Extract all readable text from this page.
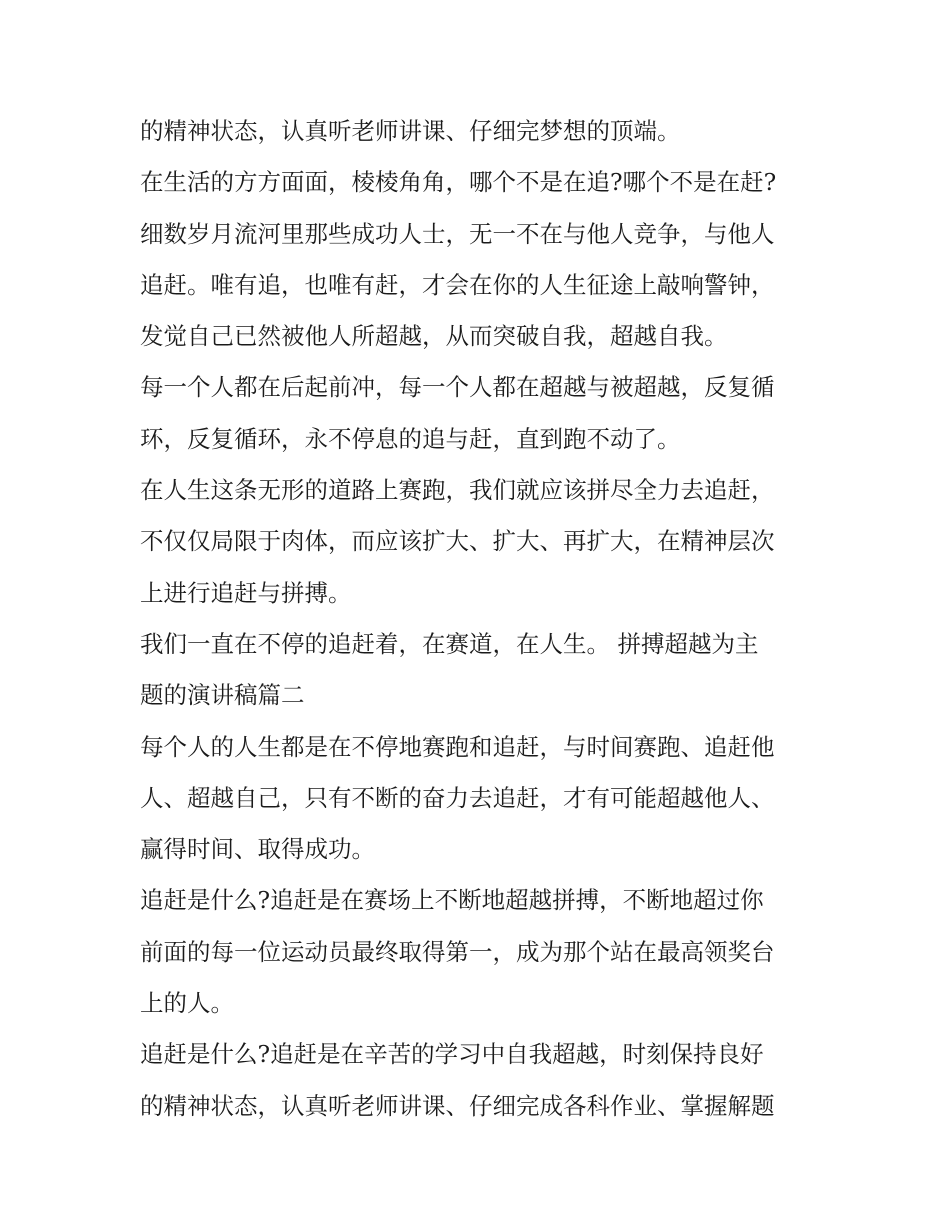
的精神状态，认真听老师讲课、仔细完梦想的顶端。
在生活的方方面面，棱棱角角，哪个不是在追?哪个不是在赶?
细数岁月流河里那些成功人士，无一不在与他人竞争，与他人
追赶。唯有追，也唯有赶，才会在你的人生征途上敲响警钟，
发觉自己已然被他人所超越，从而突破自我，超越自我。
每一个人都在后起前冲，每一个人都在超越与被超越，反复循
环，反复循环，永不停息的追与赶，直到跑不动了。
在人生这条无形的道路上赛跑，我们就应该拼尽全力去追赶，
不仅仅局限于肉体，而应该扩大、扩大、再扩大，在精神层次
上进行追赶与拼搏。
我们一直在不停的追赶着，在赛道，在人生。 拼搏超越为主
题的演讲稿篇二
每个人的人生都是在不停地赛跑和追赶，与时间赛跑、追赶他
人、超越自己，只有不断的奋力去追赶，才有可能超越他人、
赢得时间、取得成功。
追赶是什么?追赶是在赛场上不断地超越拼搏，不断地超过你
前面的每一位运动员最终取得第一，成为那个站在最高领奖台
上的人。
追赶是什么?追赶是在辛苦的学习中自我超越，时刻保持良好
的精神状态，认真听老师讲课、仔细完成各科作业、掌握解题
